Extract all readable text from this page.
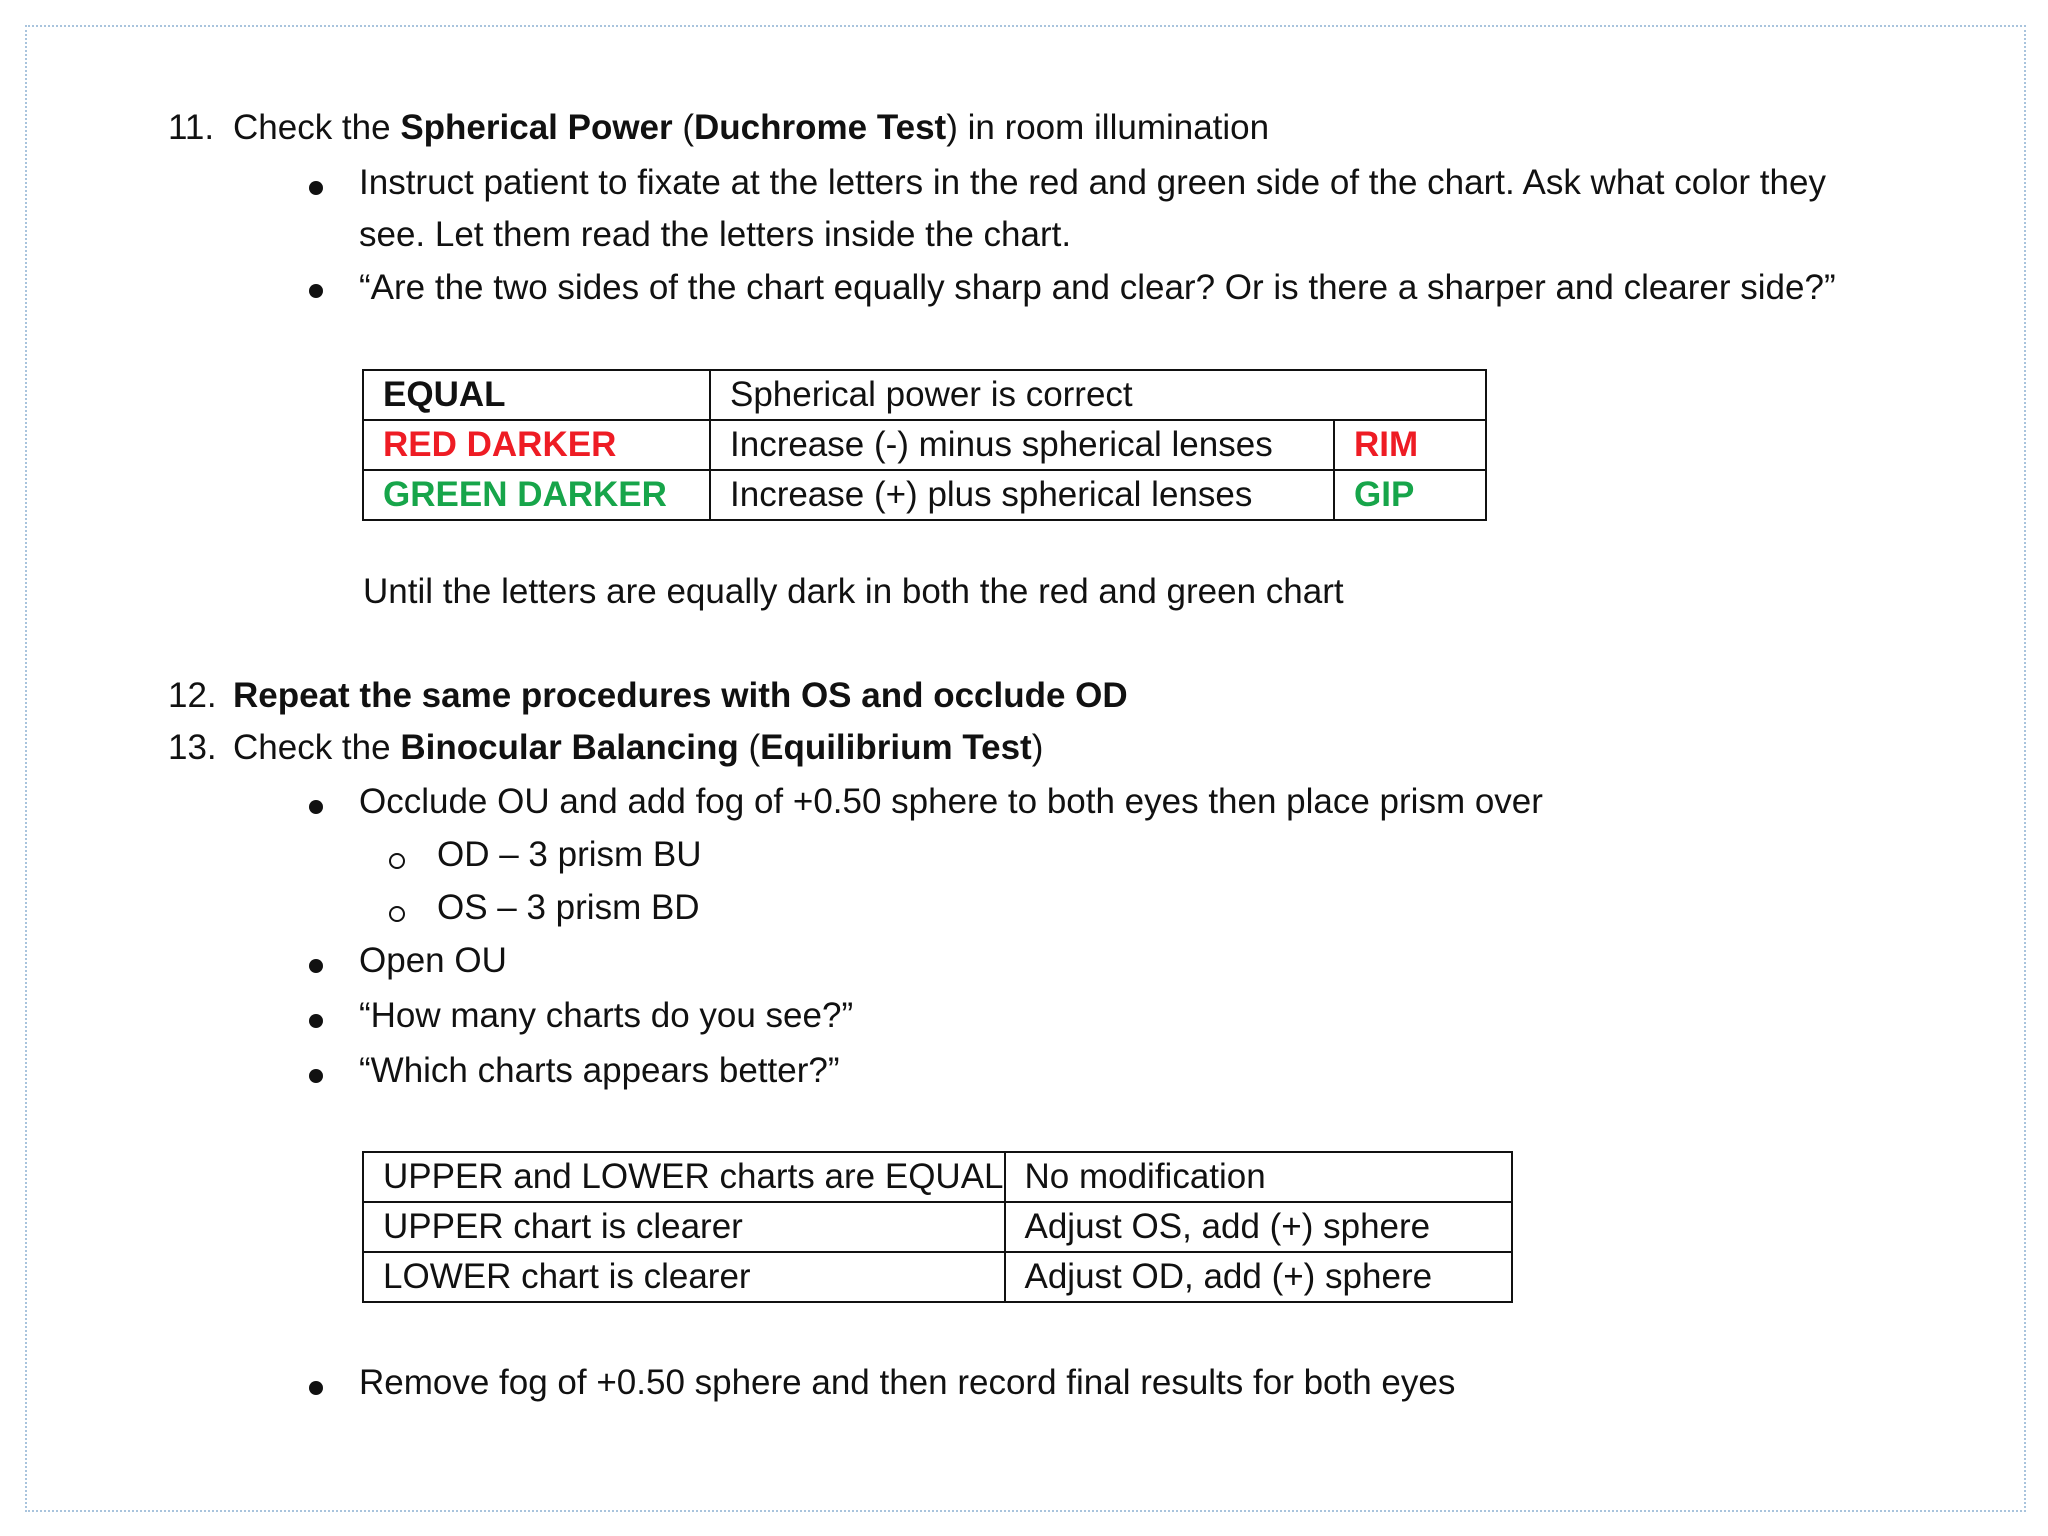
11. Check the Spherical Power (Duchrome Test) in room illumination
Instruct patient to fixate at the letters in the red and green side of the chart. Ask what color they
see. Let them read the letters inside the chart.
“Are the two sides of the chart equally sharp and clear? Or is there a sharper and clearer side?”
EQUAL	Spherical power is correct	
RED DARKER	Increase (-) minus spherical lenses	RIM
GREEN DARKER	Increase (+) plus spherical lenses	GIP
Until the letters are equally dark in both the red and green chart
12. Repeat the same procedures with OS and occlude OD
13. Check the Binocular Balancing (Equilibrium Test)
Occlude OU and add fog of +0.50 sphere to both eyes then place prism over
OD – 3 prism BU
OS – 3 prism BD
Open OU
“How many charts do you see?”
“Which charts appears better?”
UPPER and LOWER charts are EQUAL	No modification
UPPER chart is clearer	Adjust OS, add (+) sphere
LOWER chart is clearer	Adjust OD, add (+) sphere
Remove fog of +0.50 sphere and then record final results for both eyes
